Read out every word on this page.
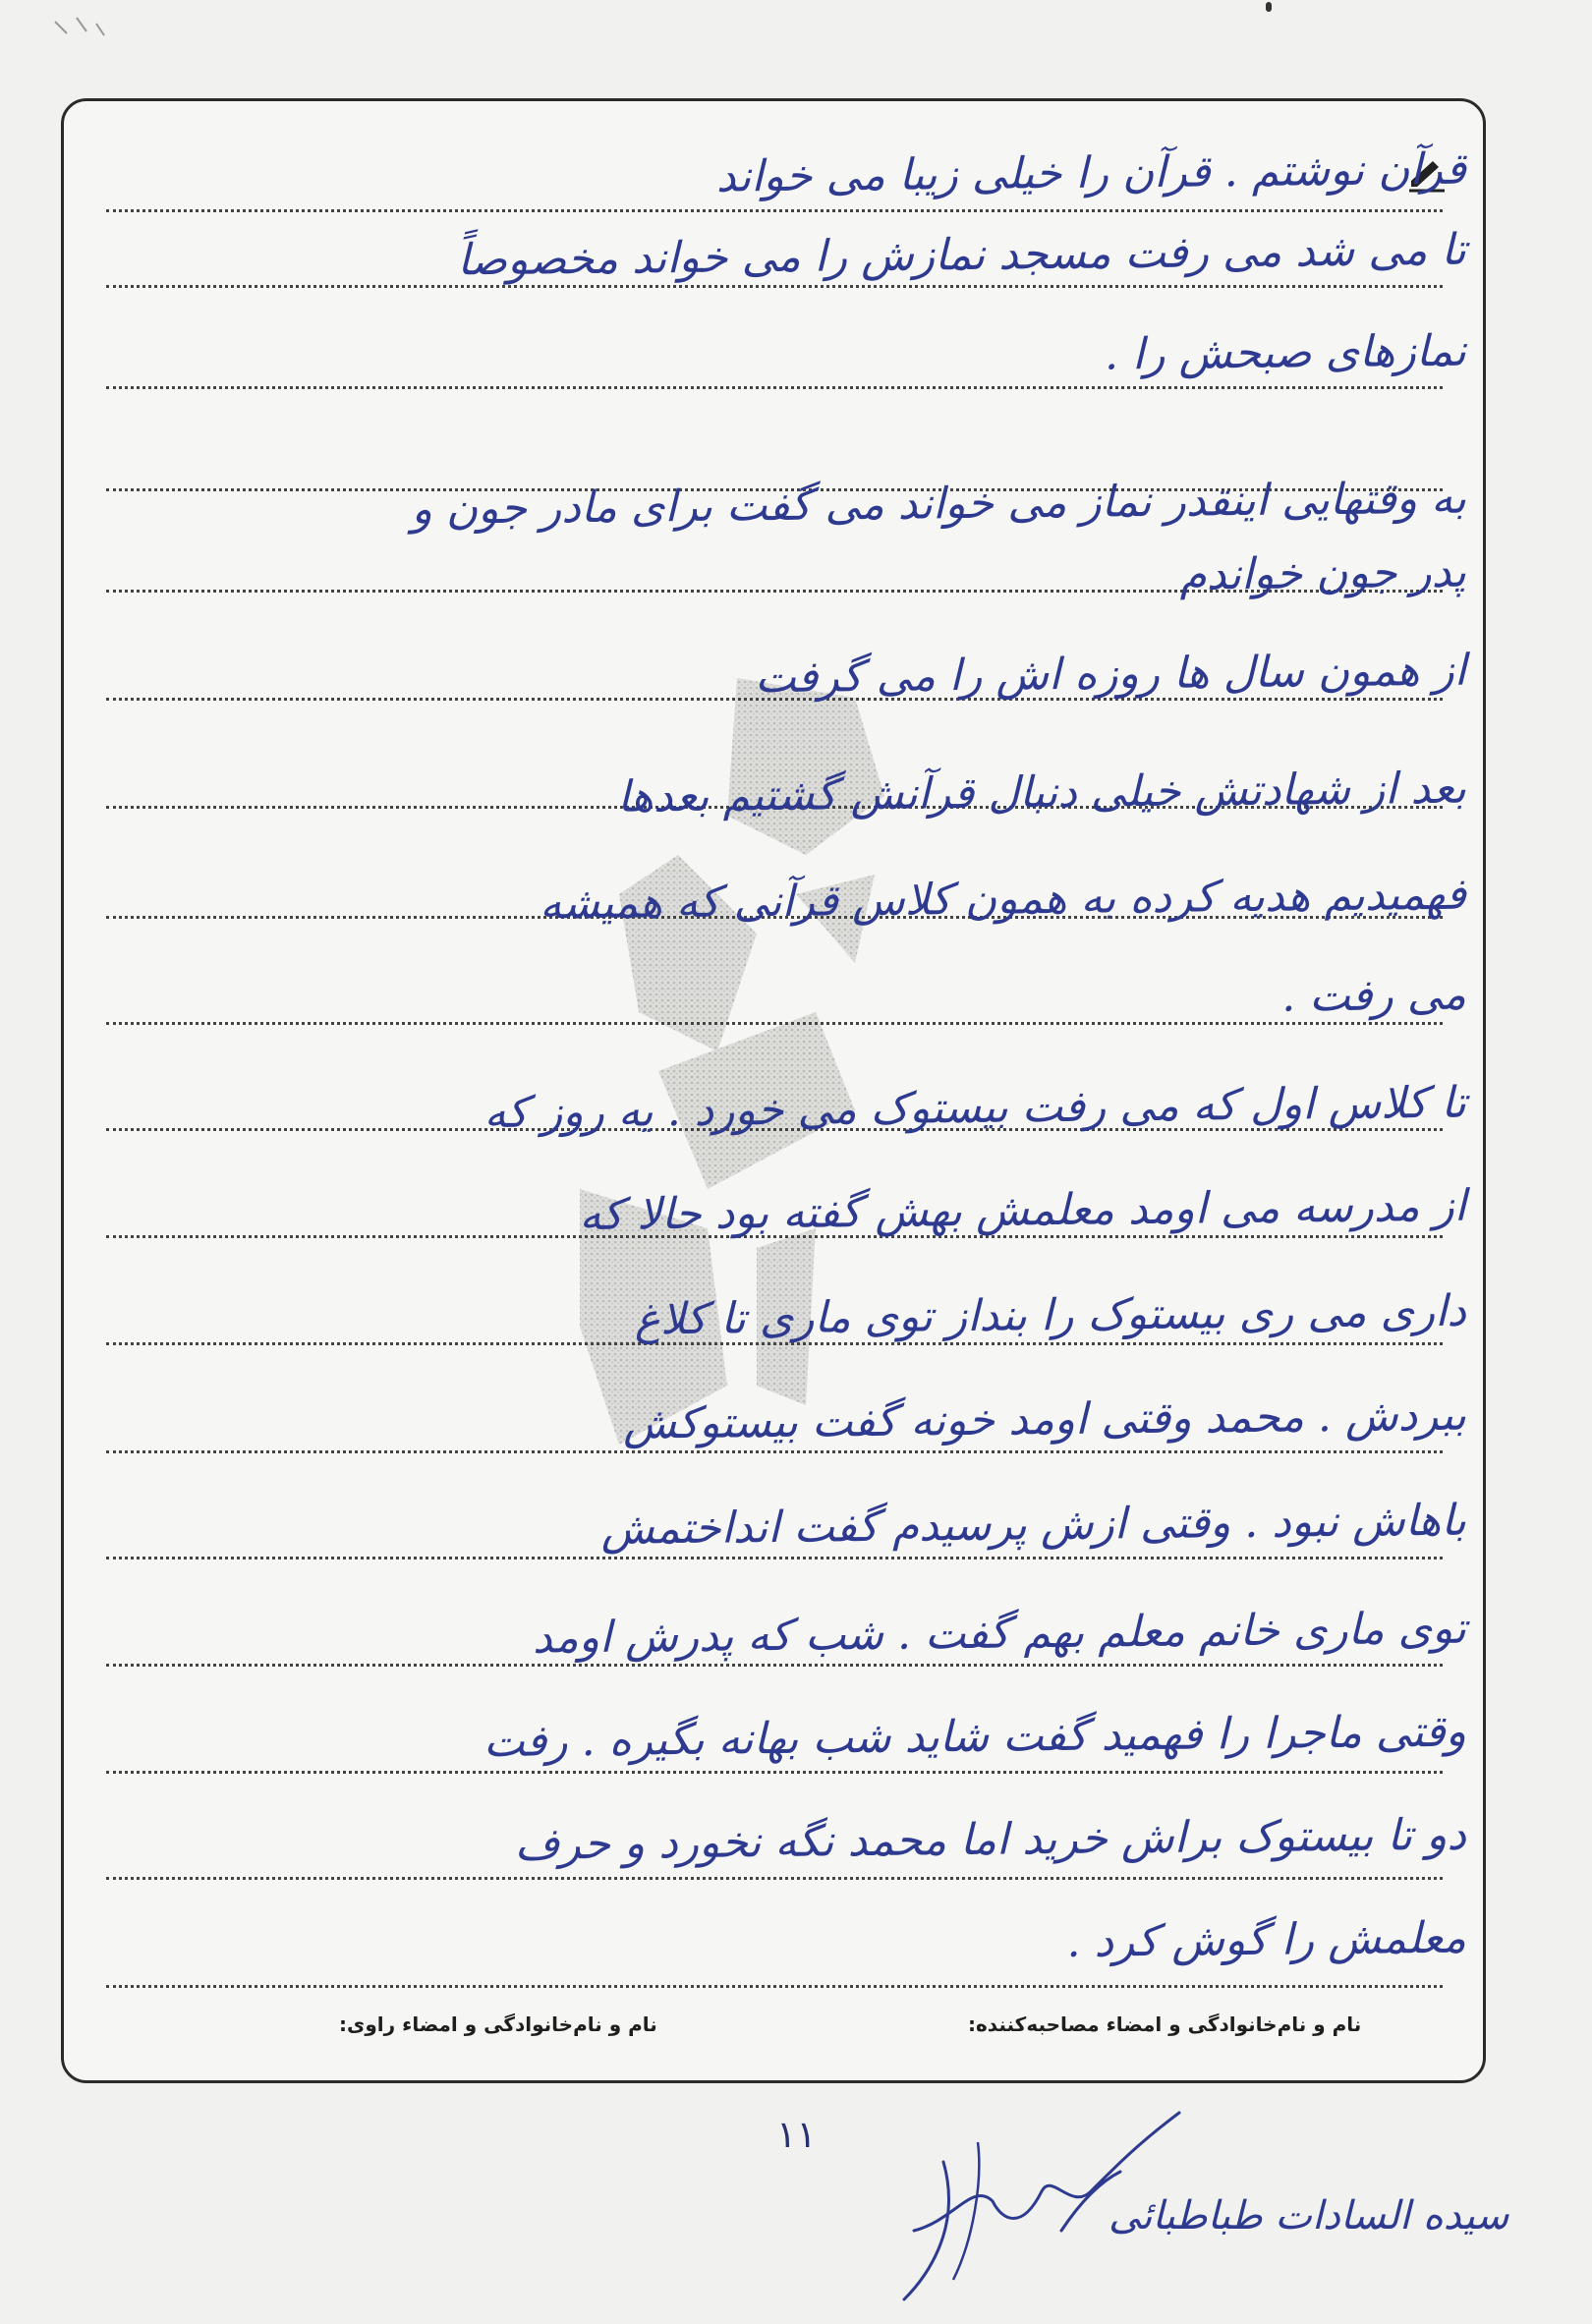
قرآن نوشتم . قرآن را خیلی زیبا می خواند
تا می شد می رفت مسجد نمازش را می خواند مخصوصاً
نمازهای صبحش را .
به وقتهایی اینقدر نماز می خواند می گفت برای مادر جون و
پدر جون خواندم
از همون سال ها روزه اش را می گرفت
بعد از شهادتش خیلی دنبال قرآنش گشتیم بعدها
فهمیدیم هدیه کرده به همون کلاس قرآنی که همیشه
می رفت .
تا کلاس اول که می رفت بیستوک می خورد . یه روز که
از مدرسه می اومد معلمش بهش گفته بود حالا که
داری می ری بیستوک را بنداز توی ماری تا کلاغ
ببردش . محمد وقتی اومد خونه گفت بیستوکش
باهاش نبود . وقتی ازش پرسیدم گفت انداختمش
توی ماری خانم معلم بهم گفت . شب که پدرش اومد
وقتی ماجرا را فهمید گفت شاید شب بهانه بگیره . رفت
دو تا بیستوک براش خرید اما محمد نگه نخورد و حرف
معلمش را گوش کرد .
نام و نام‌خانوادگی و امضاء مصاحبه‌کننده:
نام و نام‌خانوادگی و امضاء راوی:
١١
سیده السادات طباطبائی
